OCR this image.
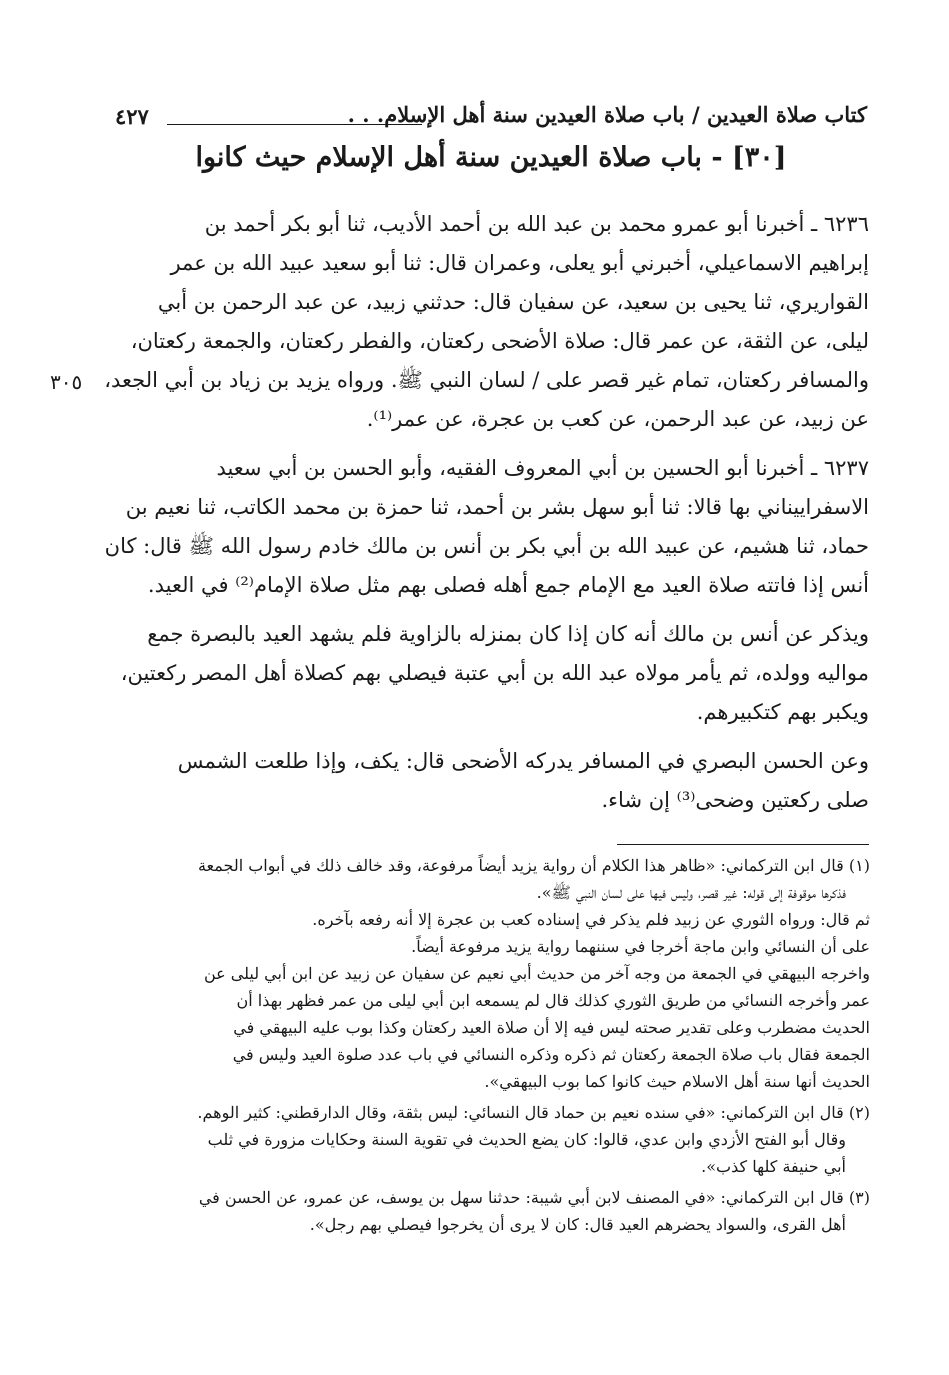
كتاب صلاة العيدين / باب صلاة العيدين سنة أهل الإسلام. . .
٤٢٧
[٣٠] - باب صلاة العيدين سنة أهل الإسلام حيث كانوا
٣٠٥

٦٢٣٦ ـ أخبرنا أبو عمرو محمد بن عبد الله بن أحمد الأديب، ثنا أبو بكر أحمد بن
إبراهيم الاسماعيلي، أخبرني أبو يعلى، وعمران قال: ثنا أبو سعيد عبيد الله بن عمر
القواريري، ثنا يحيى بن سعيد، عن سفيان قال: حدثني زبيد، عن عبد الرحمن بن أبي
ليلى، عن الثقة، عن عمر قال: صلاة الأضحى ركعتان، والفطر ركعتان، والجمعة ركعتان،
والمسافر ركعتان، تمام غير قصر على / لسان النبي ﷺ. ورواه يزيد بن زياد بن أبي الجعد،
عن زبيد، عن عبد الرحمن، عن كعب بن عجرة، عن عمر⁽¹⁾.

٦٢٣٧ ـ أخبرنا أبو الحسين بن أبي المعروف الفقيه، وأبو الحسن بن أبي سعيد
الاسفراييناني بها قالا: ثنا أبو سهل بشر بن أحمد، ثنا حمزة بن محمد الكاتب، ثنا نعيم بن
حماد، ثنا هشيم، عن عبيد الله بن أبي بكر بن أنس بن مالك خادم رسول الله ﷺ قال: كان
أنس إذا فاتته صلاة العيد مع الإمام جمع أهله فصلى بهم مثل صلاة الإمام⁽²⁾ في العيد.

ويذكر عن أنس بن مالك أنه كان إذا كان بمنزله بالزاوية فلم يشهد العيد بالبصرة جمع
مواليه وولده، ثم يأمر مولاه عبد الله بن أبي عتبة فيصلي بهم كصلاة أهل المصر ركعتين،
ويكبر بهم كتكبيرهم.

وعن الحسن البصري في المسافر يدركه الأضحى قال: يكف، وإذا طلعت الشمس
صلى ركعتين وضحى⁽³⁾ إن شاء.

(١) قال ابن التركماني: «ظاهر هذا الكلام أن رواية يزيد أيضاً مرفوعة، وقد خالف ذلك في أبواب الجمعة
فذكرها موقوفة إلى قوله: غير قصر، وليس فيها على لسان النبي ﷺ».
ثم قال: ورواه الثوري عن زبيد فلم يذكر في إسناده كعب بن عجرة إلا أنه رفعه بآخره.
على أن النسائي وابن ماجة أخرجا في سننهما رواية يزيد مرفوعة أيضاً.
واخرجه البيهقي في الجمعة من وجه آخر من حديث أبي نعيم عن سفيان عن زبيد عن ابن أبي ليلى عن
عمر وأخرجه النسائي من طريق الثوري كذلك قال لم يسمعه ابن أبي ليلى من عمر فظهر بهذا أن
الحديث مضطرب وعلى تقدير صحته ليس فيه إلا أن صلاة العيد ركعتان وكذا بوب عليه البيهقي في
الجمعة فقال باب صلاة الجمعة ركعتان ثم ذكره وذكره النسائي في باب عدد صلوة العيد وليس في
الحديث أنها سنة أهل الاسلام حيث كانوا كما بوب البيهقي».
(٢) قال ابن التركماني: «في سنده نعيم بن حماد قال النسائي: ليس بثقة، وقال الدارقطني: كثير الوهم.
وقال أبو الفتح الأزدي وابن عدي، قالوا: كان يضع الحديث في تقوية السنة وحكايات مزورة في ثلب
أبي حنيفة كلها كذب».
(٣) قال ابن التركماني: «في المصنف لابن أبي شيبة: حدثنا سهل بن يوسف، عن عمرو، عن الحسن في
أهل القرى، والسواد يحضرهم العيد قال: كان لا يرى أن يخرجوا فيصلي بهم رجل».
